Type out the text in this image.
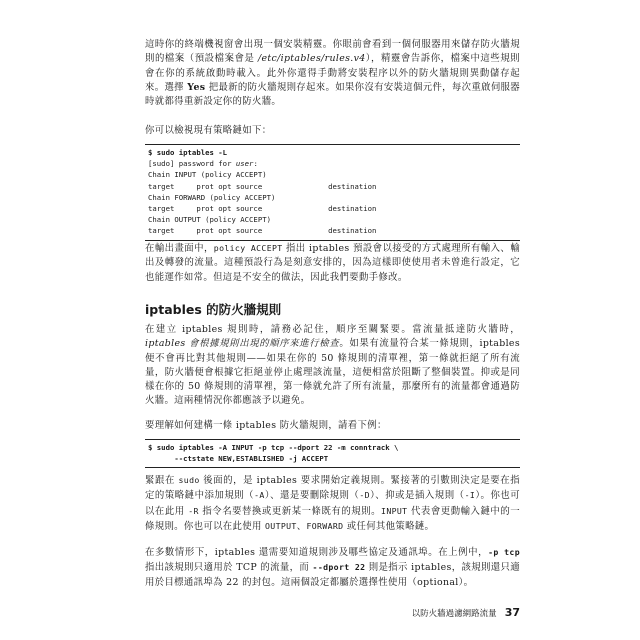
這時你的終端機視窗會出現一個安裝精靈。你眼前會看到一個伺服器用來儲存防火牆規則的檔案（預設檔案會是 /etc/iptables/rules.v4），精靈會告訴你，檔案中這些規則會在你的系統啟動時載入。此外你還得手動將安裝程序以外的防火牆規則異動儲存起來。選擇 Yes 把最新的防火牆規則存起來。如果你沒有安裝這個元件，每次重啟伺服器時就都得重新設定你的防火牆。

你可以檢視現有策略鏈如下：

$ sudo iptables -L
[sudo] password for user:
Chain INPUT (policy ACCEPT)
target     prot opt source               destination
Chain FORWARD (policy ACCEPT)
target     prot opt source               destination
Chain OUTPUT (policy ACCEPT)
target     prot opt source               destination

在輸出畫面中，policy ACCEPT 指出 iptables 預設會以接受的方式處理所有輸入、輸出及轉發的流量。這種預設行為是刻意安排的，因為這樣即使使用者未曾進行設定，它也能運作如常。但這是不安全的做法，因此我們要動手修改。

iptables 的防火牆規則

在建立 iptables 規則時，請務必記住，順序至關緊要。當流量抵達防火牆時，iptables 會根據規則出現的順序來進行檢查。如果有流量符合某一條規則，iptables 便不會再比對其他規則——如果在你的 50 條規則的清單裡，第一條就拒絕了所有流量，防火牆便會根據它拒絕並停止處理該流量，這便相當於阻斷了整個裝置。抑或是同樣在你的 50 條規則的清單裡，第一條就允許了所有流量，那麼所有的流量都會通過防火牆。這兩種情況你都應該予以避免。

要理解如何建構一條 iptables 防火牆規則，請看下例：

$ sudo iptables -A INPUT -p tcp --dport 22 -m conntrack \
--ctstate NEW,ESTABLISHED -j ACCEPT

緊跟在 sudo 後面的，是 iptables 要求開始定義規則。緊接著的引數則決定是要在指定的策略鏈中添加規則（-A）、還是要刪除規則（-D）、抑或是插入規則（-I）。你也可以在此用 -R 指令名要替換或更新某一條既有的規則。INPUT 代表會更動輸入鏈中的一條規則。你也可以在此使用 OUTPUT、FORWARD 或任何其他策略鏈。

在多數情形下，iptables 還需要知道規則涉及哪些協定及通訊埠。在上例中，-p tcp 指出該規則只適用於 TCP 的流量，而 --dport 22 則是指示 iptables，該規則還只適用於目標通訊埠為 22 的封包。這兩個設定都屬於選擇性使用（optional）。

以防火牆過濾網路流量 37
